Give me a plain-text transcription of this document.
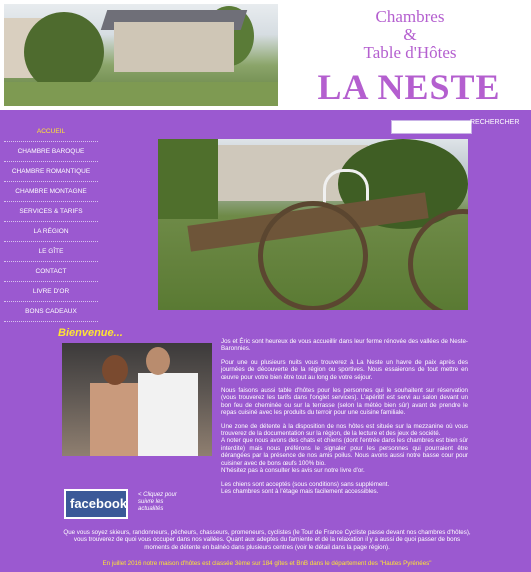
Chambres
&
Table d'Hôtes
LA NESTE
RECHERCHER
ACCUEIL
CHAMBRE BAROQUE
CHAMBRE ROMANTIQUE
CHAMBRE MONTAGNE
SERVICES & TARIFS
LA RÉGION
LE GÎTE
CONTACT
LIVRE D'OR
BONS CADEAUX
Bienvenue...
facebook
< Cliquez pour suivre les actualités

Jos et Éric sont heureux de vous accueillir dans leur ferme rénovée des vallées de Neste-Baronnies.

Pour une ou plusieurs nuits vous trouverez à La Neste un havre de paix après des journées de découverte de la région ou sportives. Nous essaierons de tout mettre en œuvre pour votre bien être tout au long de votre séjour.

Nous faisons aussi table d'hôtes pour les personnes qui le souhaitent sur réservation (vous trouverez les tarifs dans l'onglet services). L'apéritif est servi au salon devant un bon feu de cheminée ou sur la terrasse (selon la météo bien sûr) avant de prendre le repas cuisiné avec les produits du terroir pour une cuisine familiale.

Une zone de détente à la disposition de nos hôtes est située sur la mezzanine où vous trouverez de la documentation sur la région, de la lecture et des jeux de société.

A noter que nous avons des chats et chiens (dont l'entrée dans les chambres est bien sûr interdite) mais nous préférons le signaler pour les personnes qui pourraient être dérangées par la présence de nos amis poilus. Nous avons aussi notre basse cour pour cuisiner avec de bons œufs 100% bio.

N'hésitez pas à consulter les avis sur notre livre d'or.

Les chiens sont acceptés (sous conditions) sans supplément.

Les chambres sont à l'étage mais facilement accessibles.

Que vous soyez skieurs, randonneurs, pêcheurs, chasseurs, promeneurs, cyclistes (le Tour de France Cycliste passe devant nos chambres d'hôtes), vous trouverez de quoi vous occuper dans nos vallées. Quant aux adeptes du farniente et de la relaxation il y a aussi de quoi passer de bons moments de détente en balnéo dans plusieurs centres (voir le détail dans la page région).
En juillet 2016 notre maison d'hôtes est classée 3ème sur 184 gîtes et BnB dans le département des "Hautes Pyrénées"
